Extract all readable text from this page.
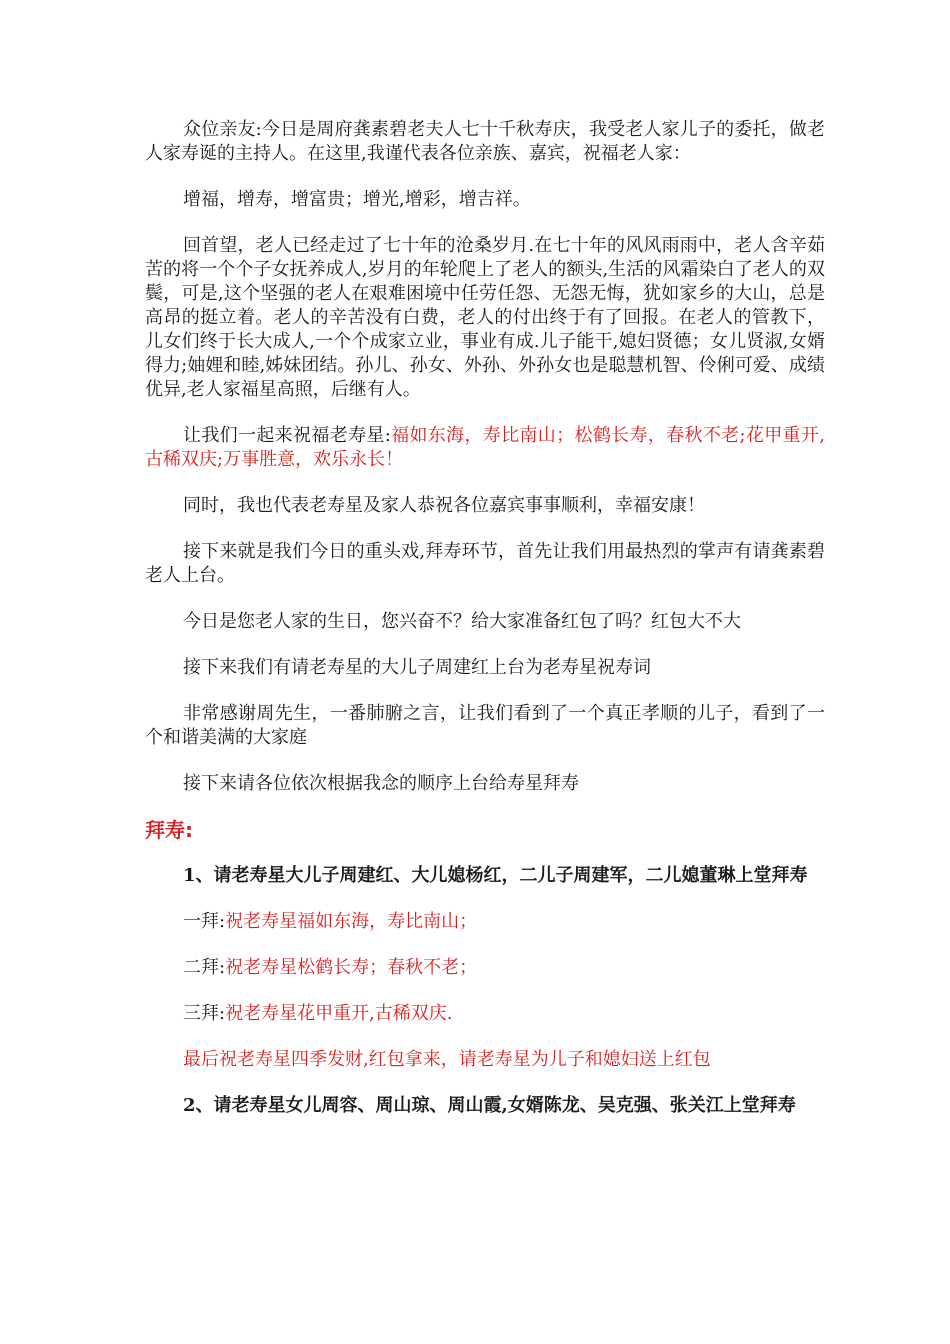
众位亲友:今日是周府龚素碧老夫人七十千秋寿庆，我受老人家儿子的委托，做老人家寿诞的主持人。在这里,我谨代表各位亲族、嘉宾，祝福老人家：

增福，增寿，增富贵；增光,增彩，增吉祥。

回首望，老人已经走过了七十年的沧桑岁月.在七十年的风风雨雨中，老人含辛茹苦的将一个个子女抚养成人,岁月的年轮爬上了老人的额头,生活的风霜染白了老人的双鬓，可是,这个坚强的老人在艰难困境中任劳任怨、无怨无悔，犹如家乡的大山，总是高昂的挺立着。老人的辛苦没有白费，老人的付出终于有了回报。在老人的管教下，儿女们终于长大成人,一个个成家立业，事业有成.儿子能干,媳妇贤德；女儿贤淑,女婿得力;妯娌和睦,姊妹团结。孙儿、孙女、外孙、外孙女也是聪慧机智、伶俐可爱、成绩优异,老人家福星高照，后继有人。

让我们一起来祝福老寿星:福如东海，寿比南山；松鹤长寿，春秋不老;花甲重开,古稀双庆;万事胜意，欢乐永长！

同时，我也代表老寿星及家人恭祝各位嘉宾事事顺利，幸福安康！

接下来就是我们今日的重头戏,拜寿环节，首先让我们用最热烈的掌声有请龚素碧老人上台。

今日是您老人家的生日，您兴奋不？给大家准备红包了吗？红包大不大

接下来我们有请老寿星的大儿子周建红上台为老寿星祝寿词

非常感谢周先生，一番肺腑之言，让我们看到了一个真正孝顺的儿子，看到了一个和谐美满的大家庭

接下来请各位依次根据我念的顺序上台给寿星拜寿

拜寿:

1、请老寿星大儿子周建红、大儿媳杨红，二儿子周建军，二儿媳董琳上堂拜寿

一拜:祝老寿星福如东海，寿比南山；

二拜:祝老寿星松鹤长寿；春秋不老；

三拜:祝老寿星花甲重开,古稀双庆.

最后祝老寿星四季发财,红包拿来，请老寿星为儿子和媳妇送上红包

2、请老寿星女儿周容、周山琼、周山霞,女婿陈龙、吴克强、张关江上堂拜寿
